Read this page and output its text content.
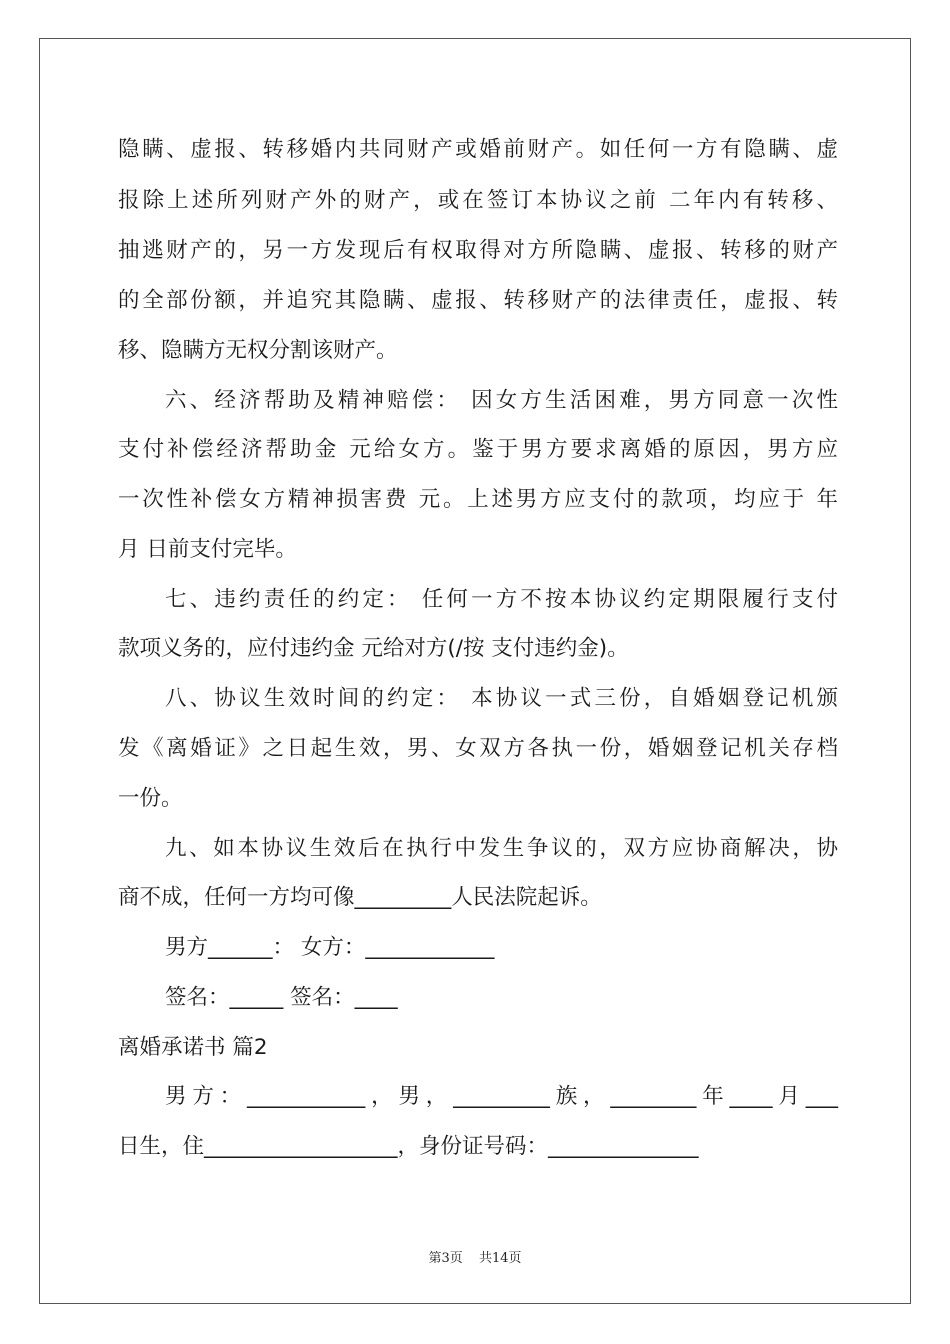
隐瞒、虚报、转移婚内共同财产或婚前财产。如任何一方有隐瞒、虚
报除上述所列财产外的财产，或在签订本协议之前 二年内有转移、
抽逃财产的，另一方发现后有权取得对方所隐瞒、虚报、转移的财产
的全部份额，并追究其隐瞒、虚报、转移财产的法律责任，虚报、转
移、隐瞒方无权分割该财产。
六、经济帮助及精神赔偿： 因女方生活困难，男方同意一次性
支付补偿经济帮助金 元给女方。鉴于男方要求离婚的原因，男方应
一次性补偿女方精神损害费 元。上述男方应支付的款项，均应于 年
月 日前支付完毕。
七、违约责任的约定： 任何一方不按本协议约定期限履行支付
款项义务的，应付违约金 元给对方(/按 支付违约金)。
八、协议生效时间的约定： 本协议一式三份，自婚姻登记机颁
发《离婚证》之日起生效，男、女双方各执一份，婚姻登记机关存档
一份。
九、如本协议生效后在执行中发生争议的，双方应协商解决，协
商不成，任何一方均可像_________人民法院起诉。
男方______： 女方：____________
签名：_____ 签名：____
离婚承诺书 篇2
男方：___________，男，_________族，________年____月___
日生，住__________________，身份证号码：______________
第3页 共14页
